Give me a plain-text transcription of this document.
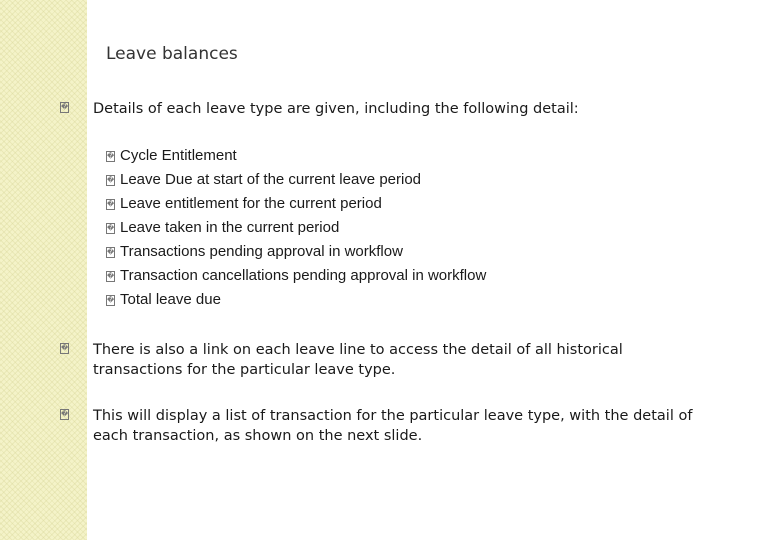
Leave balances
� Details of each leave type are given, including the following detail:
� Cycle Entitlement
� Leave Due at start of the current leave period
� Leave entitlement for the current period
� Leave taken in the current period
� Transactions pending approval in workflow
� Transaction cancellations pending approval in workflow
� Total leave due
� There is also a link on each leave line to access the detail of all historical transactions for the particular leave type.
� This will display a list of transaction for the particular leave type, with the detail of each transaction, as shown on the next slide.
